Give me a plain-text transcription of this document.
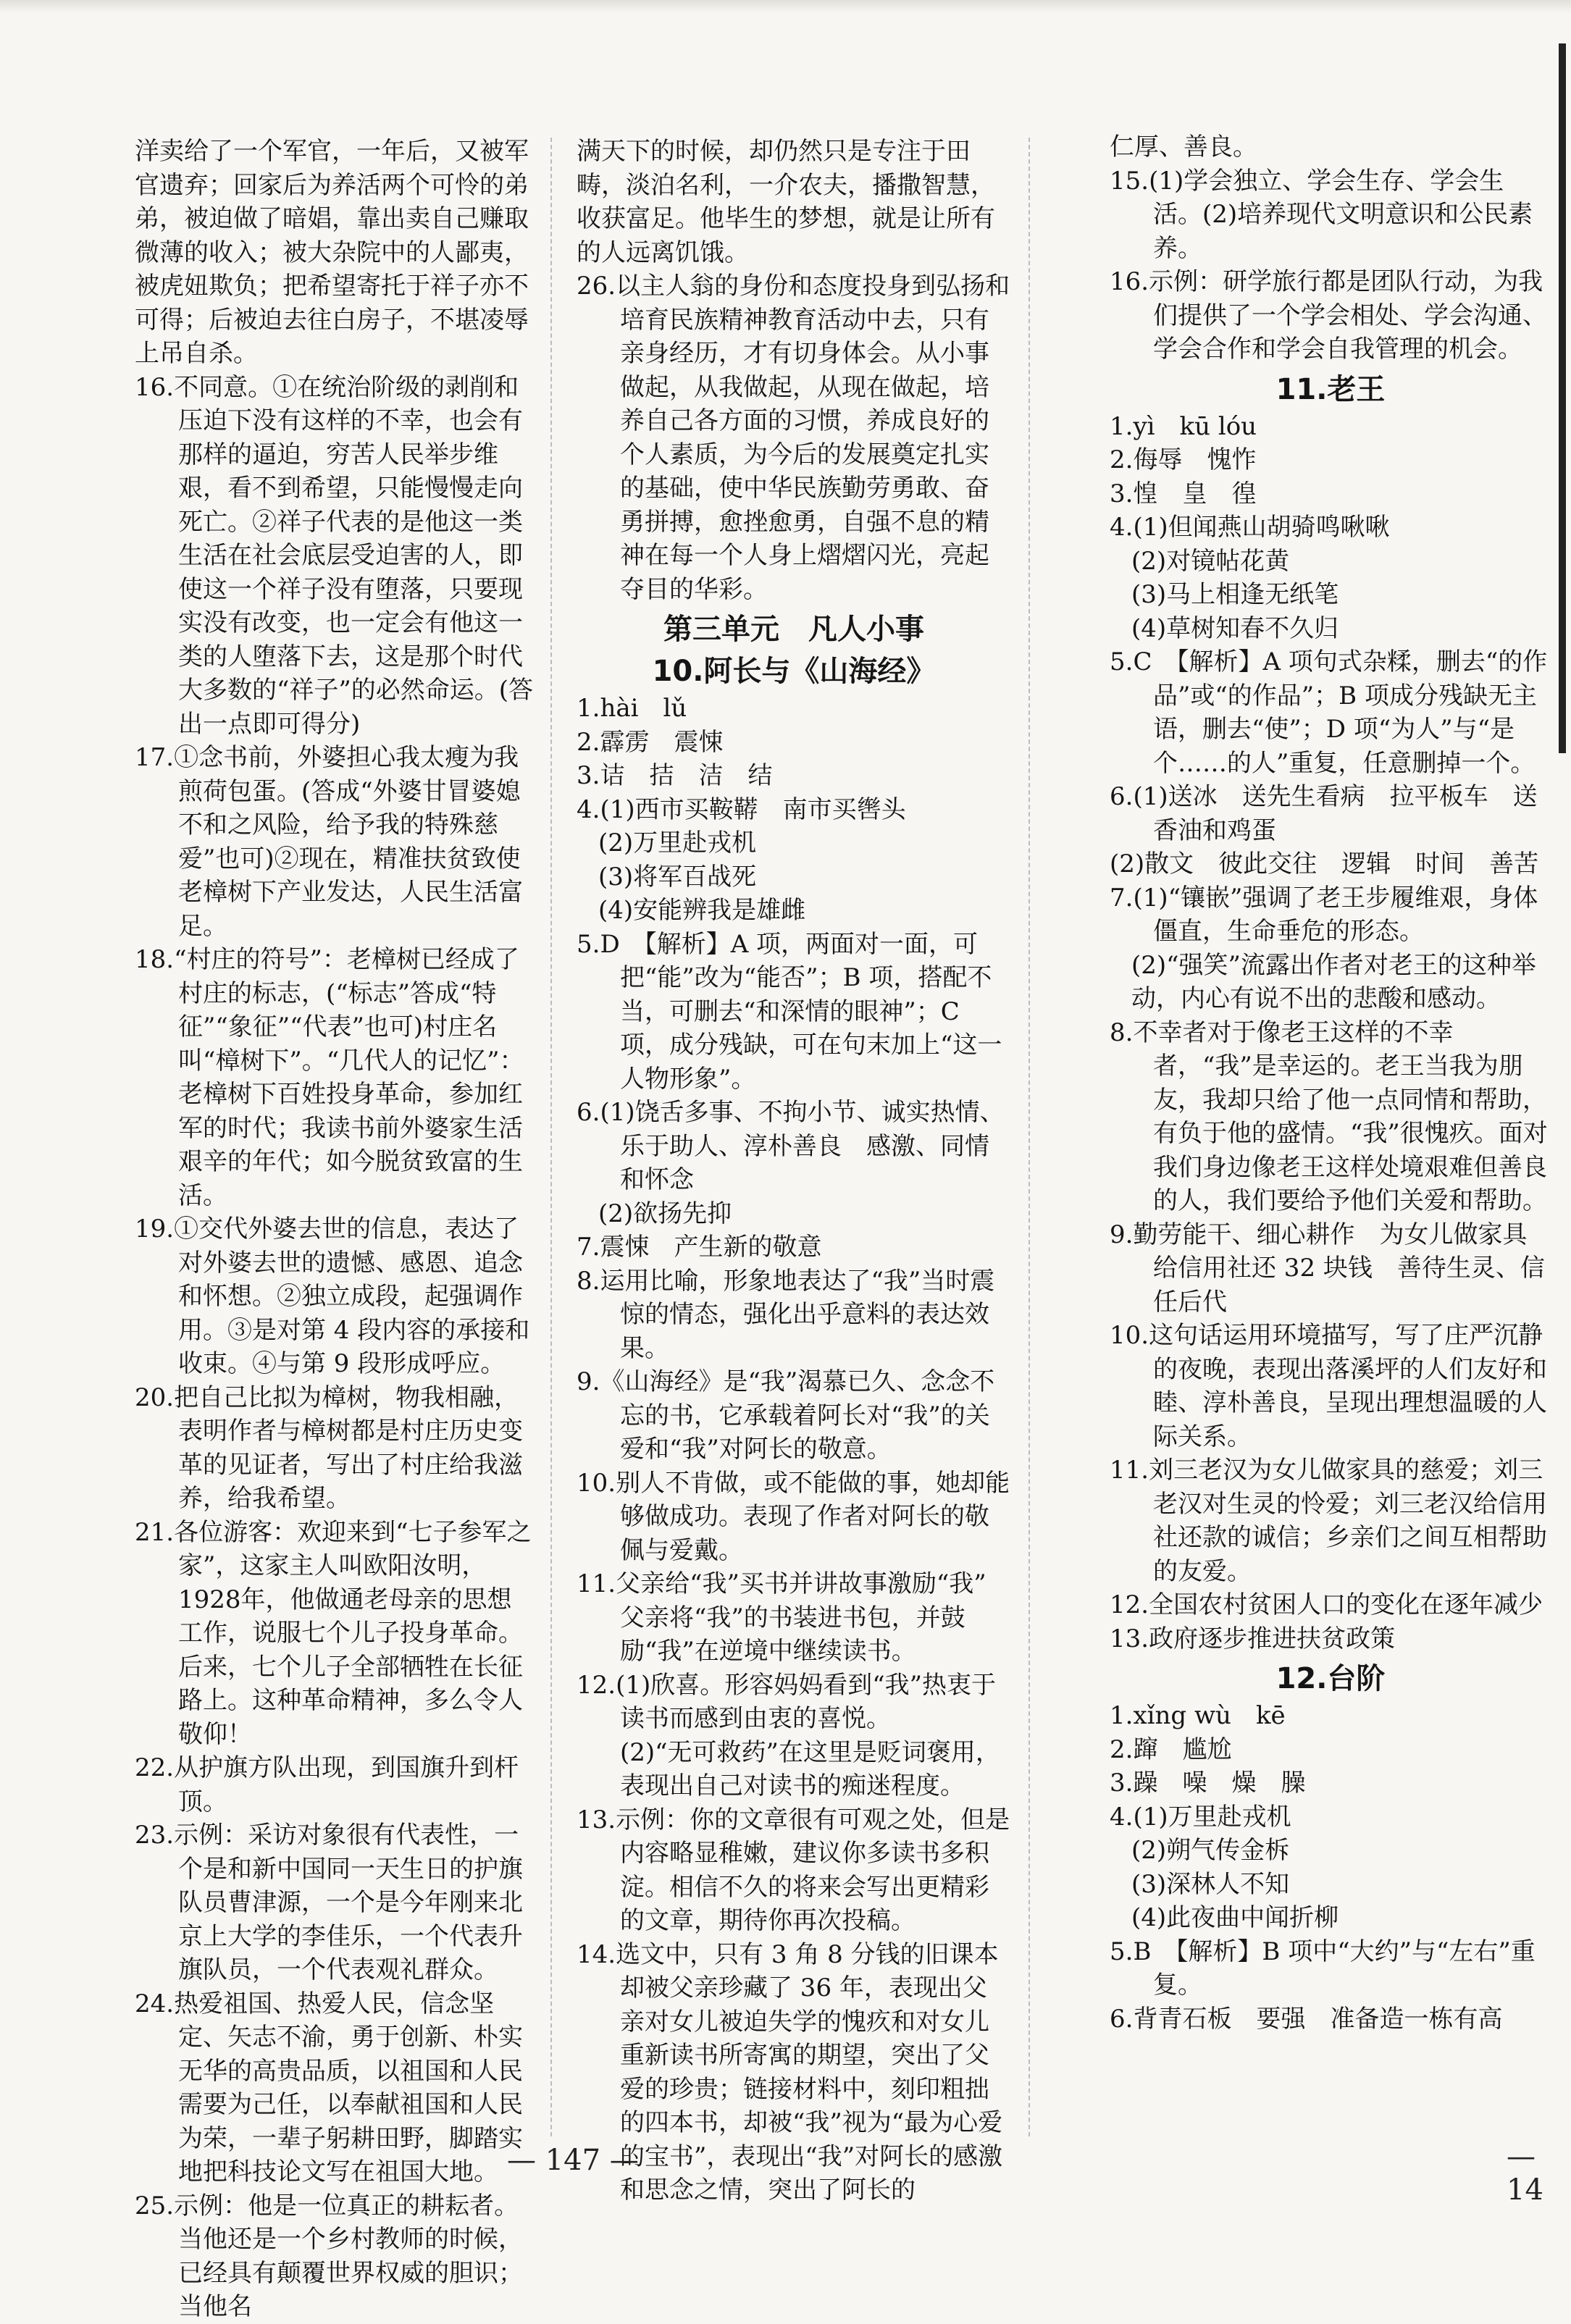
洋卖给了一个军官，一年后，又被军官遗弃；回家后为养活两个可怜的弟弟，被迫做了暗娼，靠出卖自己赚取微薄的收入；被大杂院中的人鄙夷，被虎妞欺负；把希望寄托于祥子亦不可得；后被迫去往白房子，不堪凌辱上吊自杀。

16.不同意。①在统治阶级的剥削和压迫下没有这样的不幸，也会有那样的逼迫，穷苦人民举步维艰，看不到希望，只能慢慢走向死亡。②祥子代表的是他这一类生活在社会底层受迫害的人，即使这一个祥子没有堕落，只要现实没有改变，也一定会有他这一类的人堕落下去，这是那个时代大多数的“祥子”的必然命运。(答出一点即可得分)

17.①念书前，外婆担心我太瘦为我煎荷包蛋。(答成“外婆甘冒婆媳不和之风险，给予我的特殊慈爱”也可)②现在，精准扶贫致使老樟树下产业发达，人民生活富足。

18.“村庄的符号”：老樟树已经成了村庄的标志，(“标志”答成“特征”“象征”“代表”也可)村庄名叫“樟树下”。“几代人的记忆”：老樟树下百姓投身革命，参加红军的时代；我读书前外婆家生活艰辛的年代；如今脱贫致富的生活。

19.①交代外婆去世的信息，表达了对外婆去世的遗憾、感恩、追念和怀想。②独立成段，起强调作用。③是对第 4 段内容的承接和收束。④与第 9 段形成呼应。

20.把自己比拟为樟树，物我相融，表明作者与樟树都是村庄历史变革的见证者，写出了村庄给我滋养，给我希望。

21.各位游客：欢迎来到“七子参军之家”，这家主人叫欧阳汝明，1928年，他做通老母亲的思想工作，说服七个儿子投身革命。后来，七个儿子全部牺牲在长征路上。这种革命精神，多么令人敬仰！

22.从护旗方队出现，到国旗升到杆顶。

23.示例：采访对象很有代表性，一个是和新中国同一天生日的护旗队员曹津源，一个是今年刚来北京上大学的李佳乐，一个代表升旗队员，一个代表观礼群众。

24.热爱祖国、热爱人民，信念坚定、矢志不渝，勇于创新、朴实无华的高贵品质，以祖国和人民需要为己任，以奉献祖国和人民为荣，一辈子躬耕田野，脚踏实地把科技论文写在祖国大地。

25.示例：他是一位真正的耕耘者。当他还是一个乡村教师的时候，已经具有颠覆世界权威的胆识；当他名

满天下的时候，却仍然只是专注于田畴，淡泊名利，一介农夫，播撒智慧，收获富足。他毕生的梦想，就是让所有的人远离饥饿。

26.以主人翁的身份和态度投身到弘扬和培育民族精神教育活动中去，只有亲身经历，才有切身体会。从小事做起，从我做起，从现在做起，培养自己各方面的习惯，养成良好的个人素质，为今后的发展奠定扎实的基础，使中华民族勤劳勇敢、奋勇拼搏，愈挫愈勇，自强不息的精神在每一个人身上熠熠闪光，亮起夺目的华彩。

第三单元　凡人小事

10.阿长与《山海经》

1.hài　lǔ

2.霹雳　震悚

3.诘　拮　洁　结

4.(1)西市买鞍鞯　南市买辔头

(2)万里赴戎机

(3)将军百战死

(4)安能辨我是雄雌

5.D　【解析】A 项，两面对一面，可把“能”改为“能否”；B 项，搭配不当，可删去“和深情的眼神”；C 项，成分残缺，可在句末加上“这一人物形象”。

6.(1)饶舌多事、不拘小节、诚实热情、乐于助人、淳朴善良　感激、同情和怀念

(2)欲扬先抑

7.震悚　产生新的敬意

8.运用比喻，形象地表达了“我”当时震惊的情态，强化出乎意料的表达效果。

9.《山海经》是“我”渴慕已久、念念不忘的书，它承载着阿长对“我”的关爱和“我”对阿长的敬意。

10.别人不肯做，或不能做的事，她却能够做成功。表现了作者对阿长的敬佩与爱戴。

11.父亲给“我”买书并讲故事激励“我”　父亲将“我”的书装进书包，并鼓励“我”在逆境中继续读书。

12.(1)欣喜。形容妈妈看到“我”热衷于读书而感到由衷的喜悦。

(2)“无可救药”在这里是贬词褒用，表现出自己对读书的痴迷程度。

13.示例：你的文章很有可观之处，但是内容略显稚嫩，建议你多读书多积淀。相信不久的将来会写出更精彩的文章，期待你再次投稿。

14.选文中，只有 3 角 8 分钱的旧课本却被父亲珍藏了 36 年，表现出父亲对女儿被迫失学的愧疚和对女儿重新读书所寄寓的期望，突出了父爱的珍贵；链接材料中，刻印粗拙的四本书，却被“我”视为“最为心爱的宝书”，表现出“我”对阿长的感激和思念之情，突出了阿长的

仁厚、善良。

15.(1)学会独立、学会生存、学会生活。(2)培养现代文明意识和公民素养。

16.示例：研学旅行都是团队行动，为我们提供了一个学会相处、学会沟通、学会合作和学会自我管理的机会。

11.老王

1.yì　kū lóu

2.侮辱　愧怍

3.惶　皇　徨

4.(1)但闻燕山胡骑鸣啾啾

(2)对镜帖花黄

(3)马上相逢无纸笔

(4)草树知春不久归

5.C　【解析】A 项句式杂糅，删去“的作品”或“的作品”；B 项成分残缺无主语，删去“使”；D 项“为人”与“是个……的人”重复，任意删掉一个。

6.(1)送冰　送先生看病　拉平板车　送香油和鸡蛋

(2)散文　彼此交往　逻辑　时间　善苦

7.(1)“镶嵌”强调了老王步履维艰，身体僵直，生命垂危的形态。

(2)“强笑”流露出作者对老王的这种举动，内心有说不出的悲酸和感动。

8.不幸者对于像老王这样的不幸者，“我”是幸运的。老王当我为朋友，我却只给了他一点同情和帮助，有负于他的盛情。“我”很愧疚。面对我们身边像老王这样处境艰难但善良的人，我们要给予他们关爱和帮助。

9.勤劳能干、细心耕作　为女儿做家具　给信用社还 32 块钱　善待生灵、信任后代

10.这句话运用环境描写，写了庄严沉静的夜晚，表现出落溪坪的人们友好和睦、淳朴善良，呈现出理想温暖的人际关系。

11.刘三老汉为女儿做家具的慈爱；刘三老汉对生灵的怜爱；刘三老汉给信用社还款的诚信；乡亲们之间互相帮助的友爱。

12.全国农村贫困人口的变化在逐年减少

13.政府逐步推进扶贫政策

12.台阶

1.xǐng wù　kē

2.蹿　尴尬

3.躁　噪　燥　臊

4.(1)万里赴戎机

(2)朔气传金柝

(3)深林人不知

(4)此夜曲中闻折柳

5.B　【解析】B 项中“大约”与“左右”重复。

6.背青石板　要强　准备造一栋有高

— 147 —	— 14
